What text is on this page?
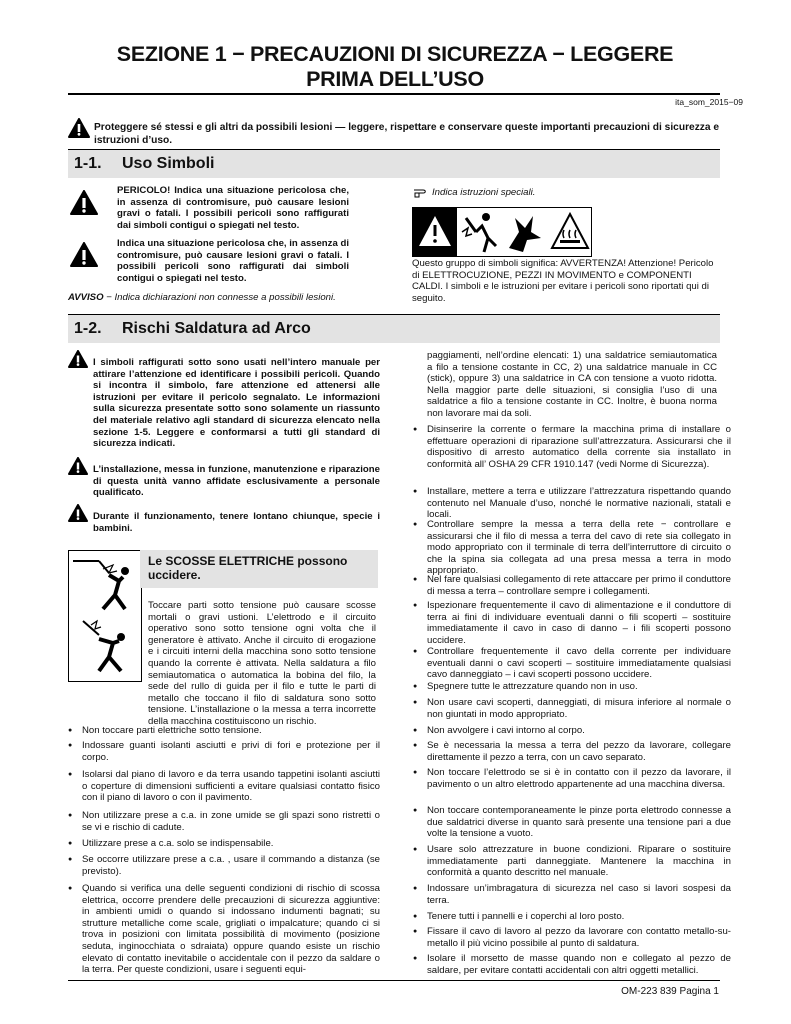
SEZIONE 1 − PRECAUZIONI DI SICUREZZA − LEGGERE
PRIMA DELL’USO
ita_som_2015−09
Proteggere sé stessi e gli altri da possibili lesioni — leggere, rispettare e conservare queste importanti precauzioni di sicurezza e istruzioni d’uso.
1-1. Uso Simboli
PERICOLO! Indica una situazione pericolosa che, in assenza di contromisure, può causare lesioni gravi o fatali. I possibili pericoli sono raffigurati dai simboli contigui o spiegati nel testo.
Indica una situazione pericolosa che, in assenza di contromisure, può causare lesioni gravi o fatali. I possibili pericoli sono raffigurati dai simboli contigui o spiegati nel testo.
AVVISO − Indica dichiarazioni non connesse a possibili lesioni.
Indica istruzioni speciali.
Questo gruppo di simboli significa: AVVERTENZA! Attenzione! Pericolo di ELETTROCUZIONE, PEZZI IN MOVIMENTO e COMPONENTI CALDI. I simboli e le istruzioni per evitare i pericoli sono riportati qui di seguito.
1-2. Rischi Saldatura ad Arco
I simboli raffigurati sotto sono usati nell’intero manuale per attirare l’attenzione ed identificare i possibili pericoli. Quando si incontra il simbolo, fare attenzione ed attenersi alle istruzioni per evitare il pericolo segnalato. Le informazioni sulla sicurezza presentate sotto sono solamente un riassunto del materiale relativo agli standard di sicurezza elencato nella sezione 1-5. Leggere e conformarsi a tutti gli standard di sicurezza indicati.
L’installazione, messa in funzione, manutenzione e riparazione di questa unità vanno affidate esclusivamente a personale qualificato.
Durante il funzionamento, tenere lontano chiunque, specie i bambini.
Le SCOSSE ELETTRICHE possono uccidere.
Toccare parti sotto tensione può causare scosse mortali o gravi ustioni. L’elettrodo e il circuito operativo sono sotto tensione ogni volta che il generatore è attivato. Anche il circuito di erogazione e i circuiti interni della macchina sono sotto tensione quando la corrente è attivata. Nella saldatura a filo semiautomatica o automatica la bobina del filo, la sede del rullo di guida per il filo e tutte le parti di metallo che toccano il filo di saldatura sono sotto tensione. L’installazione o la messa a terra incorrette della macchina costituiscono un rischio.
● Non toccare parti elettriche sotto tensione.
● Indossare guanti isolanti asciutti e privi di fori e protezione per il corpo.
● Isolarsi dal piano di lavoro e da terra usando tappetini isolanti asciutti o coperture di dimensioni sufficienti a evitare qualsiasi contatto fisico con il piano di lavoro o con il pavimento.
● Non utilizzare prese a c.a. in zone umide se gli spazi sono ristretti o se vi e rischio di cadute.
● Utilizzare prese a c.a. solo se indispensabile.
● Se occorre utilizzare prese a c.a. , usare il commando a distanza (se previsto).
● Quando si verifica una delle seguenti condizioni di rischio di scossa elettrica, occorre prendere delle precauzioni di sicurezza aggiuntive: in ambienti umidi o quando si indossano indumenti bagnati; su strutture metalliche come scale, grigliati o impalcature; quando ci si trova in posizioni con limitata possibilità di movimento (posizione seduta, inginocchiata o sdraiata) oppure quando esiste un rischio elevato di contatto inevitabile o accidentale con il pezzo da saldare o la terra. Per queste condizioni, usare i seguenti equi-
paggiamenti, nell’ordine elencati: 1) una saldatrice semiautomatica a filo a tensione costante in CC, 2) una saldatrice manuale in CC (stick), oppure 3) una saldatrice in CA con tensione a vuoto ridotta. Nella maggior parte delle situazioni, si consiglia l’uso di una saldatrice a filo a tensione costante in CC. Inoltre, è buona norma non lavorare mai da soli.
● Disinserire la corrente o fermare la macchina prima di installare o effettuare operazioni di riparazione sull’attrezzatura. Assicurarsi che il dispositivo di arresto automatico della corrente sia installato in conformità all’ OSHA 29 CFR 1910.147 (vedi Norme di Sicurezza).
● Installare, mettere a terra e utilizzare l’attrezzatura rispettando quando contenuto nel Manuale d’uso, nonché le normative nazionali, statali e locali.
● Controllare sempre la messa a terra della rete − controllare e assicurarsi che il filo di messa a terra del cavo di rete sia collegato in modo appropriato con il terminale di terra dell’interruttore di circuito o che la spina sia collegata ad una presa messa a terra in modo appropriato.
● Nel fare qualsiasi collegamento di rete attaccare per primo il conduttore di messa a terra – controllare sempre i collegamenti.
● Ispezionare frequentemente il cavo di alimentazione e il conduttore di terra ai fini di individuare eventuali danni o fili scoperti – sostituire immediatamente il cavo in caso di danno – i fili scoperti possono uccidere.
● Controllare frequentemente il cavo della corrente per individuare eventuali danni o cavi scoperti – sostituire immediatamente qualsiasi cavo danneggiato – i cavi scoperti possono uccidere.
● Spegnere tutte le attrezzature quando non in uso.
● Non usare cavi scoperti, danneggiati, di misura inferiore al normale o non giuntati in modo appropriato.
● Non avvolgere i cavi intorno al corpo.
● Se è necessaria la messa a terra del pezzo da lavorare, collegare direttamente il pezzo a terra, con un cavo separato.
● Non toccare l’elettrodo se si è in contatto con il pezzo da lavorare, il pavimento o un altro elettrodo appartenente ad una macchina diversa.
● Non toccare contemporaneamente le pinze porta elettrodo connesse a due saldatrici diverse in quanto sarà presente una tensione pari a due volte la tensione a vuoto.
● Usare solo attrezzature in buone condizioni. Riparare o sostituire immediatamente parti danneggiate. Mantenere la macchina in conformità a quanto descritto nel manuale.
● Indossare un’imbragatura di sicurezza nel caso si lavori sospesi da terra.
● Tenere tutti i pannelli e i coperchi al loro posto.
● Fissare il cavo di lavoro al pezzo da lavorare con contatto metallo-su-metallo il più vicino possibile al punto di saldatura.
● Isolare il morsetto de masse quando non e collegato al pezzo de saldare, per evitare contatti accidentali con altri oggetti metallici.
OM-223 839 Pagina 1
